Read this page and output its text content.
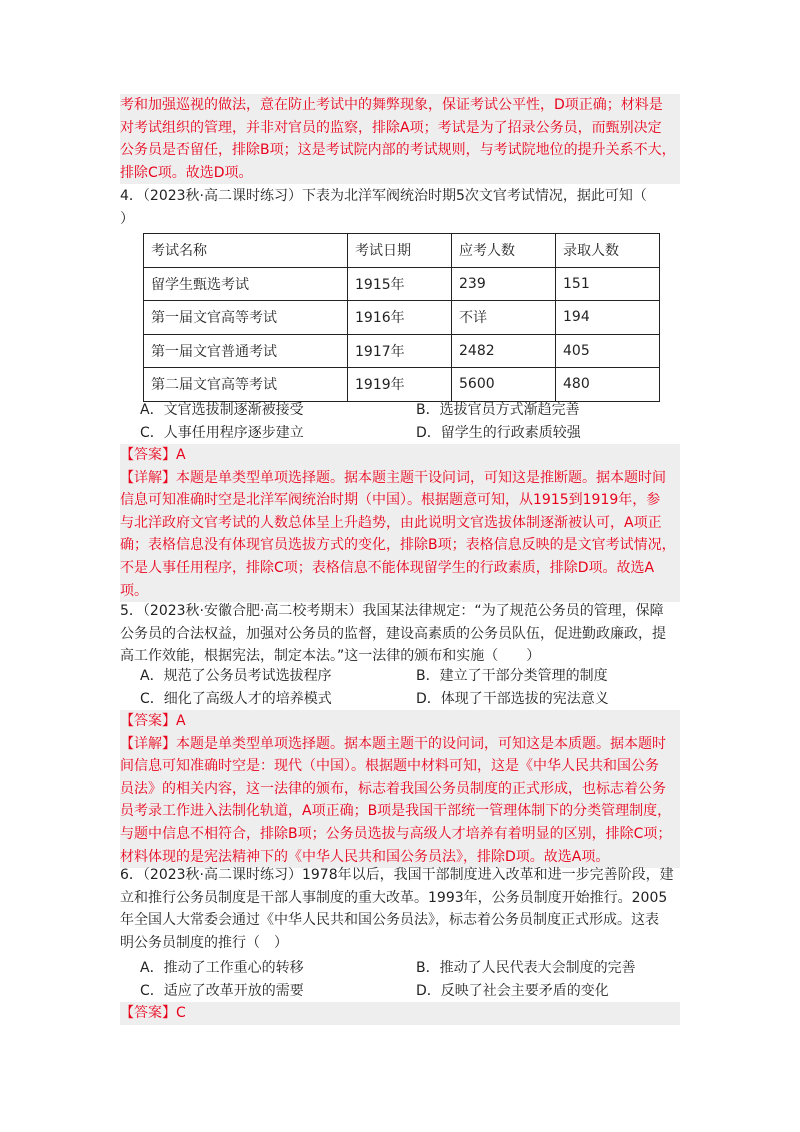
考和加强巡视的做法，意在防止考试中的舞弊现象，保证考试公平性，D项正确；材料是
对考试组织的管理，并非对官员的监察，排除A项；考试是为了招录公务员，而甄别决定
公务员是否留任，排除B项；这是考试院内部的考试规则，与考试院地位的提升关系不大，
排除C项。故选D项。
4．（2023秋·高二课时练习）下表为北洋军阀统治时期5次文官考试情况，据此可知（
）
考试名称	考试日期	应考人数	录取人数
留学生甄选考试	1915年	239	151
第一届文官高等考试	1916年	不详	194
第一届文官普通考试	1917年	2482	405
第二届文官高等考试	1919年	5600	480
A．文官选拔制逐渐被接受	B．选拔官员方式渐趋完善
C．人事任用程序逐步建立	D．留学生的行政素质较强
【答案】A
【详解】本题是单类型单项选择题。据本题主题干设问词，可知这是推断题。据本题时间
信息可知准确时空是北洋军阀统治时期（中国）。根据题意可知，从1915到1919年，参
与北洋政府文官考试的人数总体呈上升趋势，由此说明文官选拔体制逐渐被认可，A项正
确；表格信息没有体现官员选拔方式的变化，排除B项；表格信息反映的是文官考试情况，
不是人事任用程序，排除C项；表格信息不能体现留学生的行政素质，排除D项。故选A
项。
5．（2023秋·安徽合肥·高二校考期末）我国某法律规定：“为了规范公务员的管理，保障
公务员的合法权益，加强对公务员的监督，建设高素质的公务员队伍，促进勤政廉政，提
高工作效能，根据宪法，制定本法。”这一法律的颁布和实施（　　）
A．规范了公务员考试选拔程序	B．建立了干部分类管理的制度
C．细化了高级人才的培养模式	D．体现了干部选拔的宪法意义
【答案】A
【详解】本题是单类型单项选择题。据本题主题干的设问词，可知这是本质题。据本题时
间信息可知准确时空是：现代（中国）。根据题中材料可知，这是《中华人民共和国公务
员法》的相关内容，这一法律的颁布，标志着我国公务员制度的正式形成，也标志着公务
员考录工作进入法制化轨道，A项正确；B项是我国干部统一管理体制下的分类管理制度，
与题中信息不相符合，排除B项；公务员选拔与高级人才培养有着明显的区别，排除C项；
材料体现的是宪法精神下的《中华人民共和国公务员法》，排除D项。故选A项。
6．（2023秋·高二课时练习）1978年以后，我国干部制度进入改革和进一步完善阶段，建
立和推行公务员制度是干部人事制度的重大改革。1993年，公务员制度开始推行。2005
年全国人大常委会通过《中华人民共和国公务员法》，标志着公务员制度正式形成。这表
明公务员制度的推行（　）
A．推动了工作重心的转移	B．推动了人民代表大会制度的完善
C．适应了改革开放的需要	D．反映了社会主要矛盾的变化
【答案】C
